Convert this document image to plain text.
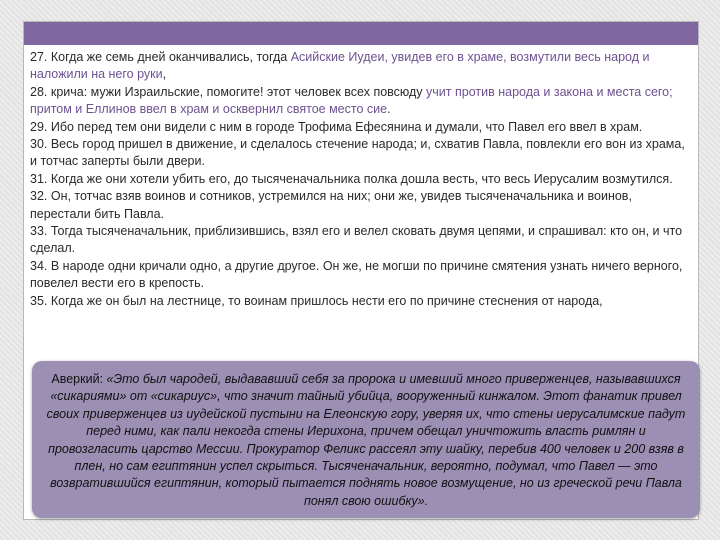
27. Когда же семь дней оканчивались, тогда Асийские Иудеи, увидев его в храме, возмутили весь народ и наложили на него руки,

28. крича: мужи Израильские, помогите! этот человек всех повсюду учит против народа и закона и места сего; притом и Еллинов ввел в храм и осквернил святое место сие.

29. Ибо перед тем они видели с ним в городе Трофима Ефесянина и думали, что Павел его ввел в храм.

30. Весь город пришел в движение, и сделалось стечение народа; и, схватив Павла, повлекли его вон из храма, и тотчас заперты были двери.

31. Когда же они хотели убить его, до тысяченачальника полка дошла весть, что весь Иерусалим возмутился.

32. Он, тотчас взяв воинов и сотников, устремился на них; они же, увидев тысяченачальника и воинов, перестали бить Павла.

33. Тогда тысяченачальник, приблизившись, взял его и велел сковать двумя цепями, и спрашивал: кто он, и что сделал.

34. В народе одни кричали одно, а другие другое. Он же, не могши по причине смятения узнать ничего верного, повелел вести его в крепость.

35. Когда же он был на лестнице, то воинам пришлось нести его по причине стеснения от народа,

Аверкий: «Это был чародей, выдававший себя за пророка и имевший много приверженцев, называвшихся «сикариями» от «сикариус», что значит тайный убийца, вооруженный кинжалом. Этот фанатик привел своих приверженцев из иудейской пустыни на Елеонскую гору, уверяя их, что стены иерусалимские падут перед ними, как пали некогда стены Иерихона, причем обещал уничтожить власть римлян и провозгласить царство Мессии. Прокуратор Феликс рассеял эту шайку, перебив 400 человек и 200 взяв в плен, но сам египтянин успел скрыться. Тысяченачальник, вероятно, подумал, что Павел — это возвратившийся египтянин, который пытается поднять новое возмущение, но из греческой речи Павла понял свою ошибку».
